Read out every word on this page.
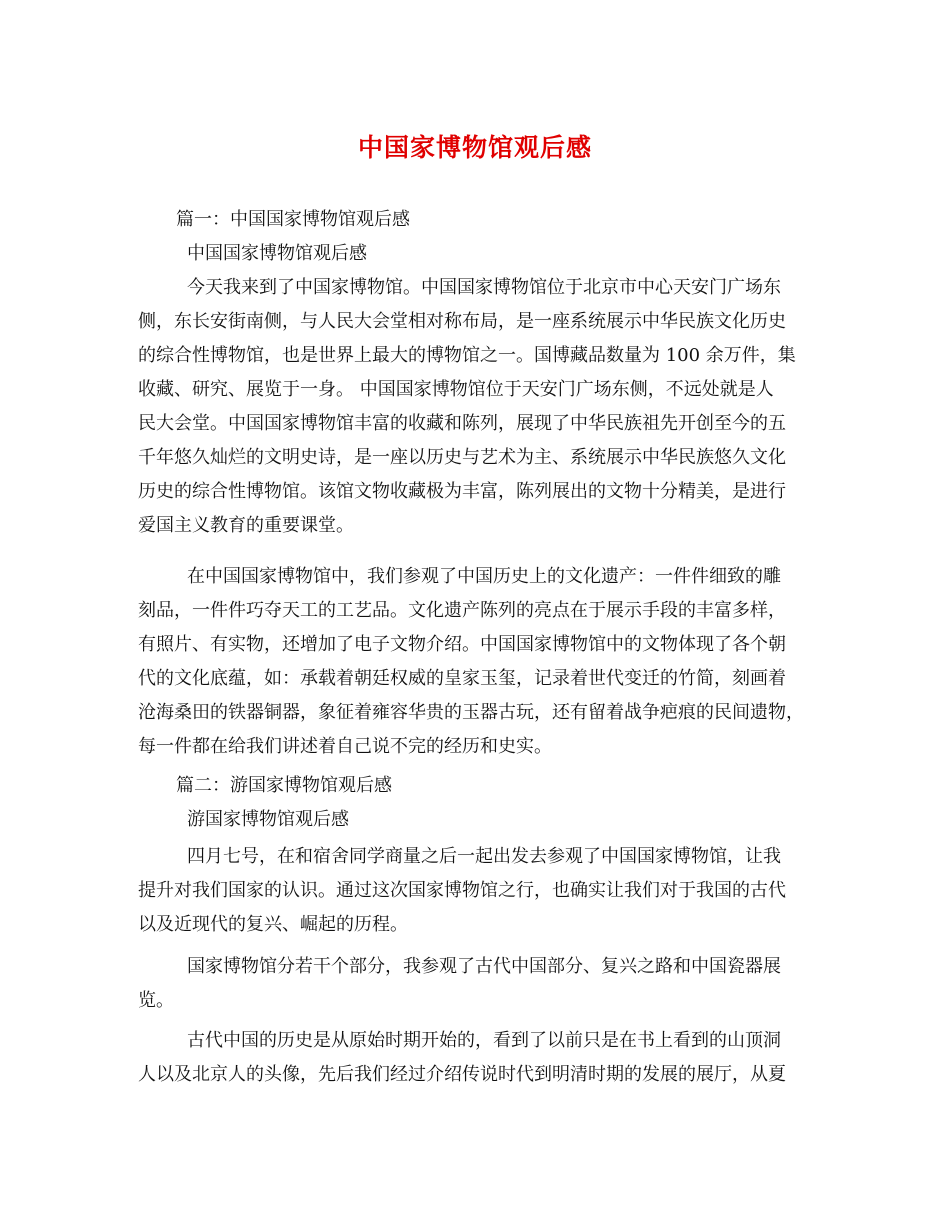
中国家博物馆观后感
篇一：中国国家博物馆观后感
中国国家博物馆观后感
今天我来到了中国家博物馆。中国国家博物馆位于北京市中心天安门广场东
侧，东长安街南侧，与人民大会堂相对称布局，是一座系统展示中华民族文化历史
的综合性博物馆，也是世界上最大的博物馆之一。国博藏品数量为 100 余万件，集
收藏、研究、展览于一身。 中国国家博物馆位于天安门广场东侧，不远处就是人
民大会堂。中国国家博物馆丰富的收藏和陈列，展现了中华民族祖先开创至今的五
千年悠久灿烂的文明史诗，是一座以历史与艺术为主、系统展示中华民族悠久文化
历史的综合性博物馆。该馆文物收藏极为丰富，陈列展出的文物十分精美，是进行
爱国主义教育的重要课堂。
在中国国家博物馆中，我们参观了中国历史上的文化遗产：一件件细致的雕
刻品，一件件巧夺天工的工艺品。文化遗产陈列的亮点在于展示手段的丰富多样，
有照片、有实物，还增加了电子文物介绍。中国国家博物馆中的文物体现了各个朝
代的文化底蕴，如：承载着朝廷权威的皇家玉玺，记录着世代变迁的竹简，刻画着
沧海桑田的铁器铜器，象征着雍容华贵的玉器古玩，还有留着战争疤痕的民间遗物，
每一件都在给我们讲述着自己说不完的经历和史实。
篇二：游国家博物馆观后感
游国家博物馆观后感
四月七号，在和宿舍同学商量之后一起出发去参观了中国国家博物馆，让我
提升对我们国家的认识。通过这次国家博物馆之行，也确实让我们对于我国的古代
以及近现代的复兴、崛起的历程。
国家博物馆分若干个部分，我参观了古代中国部分、复兴之路和中国瓷器展
览。
古代中国的历史是从原始时期开始的，看到了以前只是在书上看到的山顶洞
人以及北京人的头像，先后我们经过介绍传说时代到明清时期的发展的展厅，从夏
